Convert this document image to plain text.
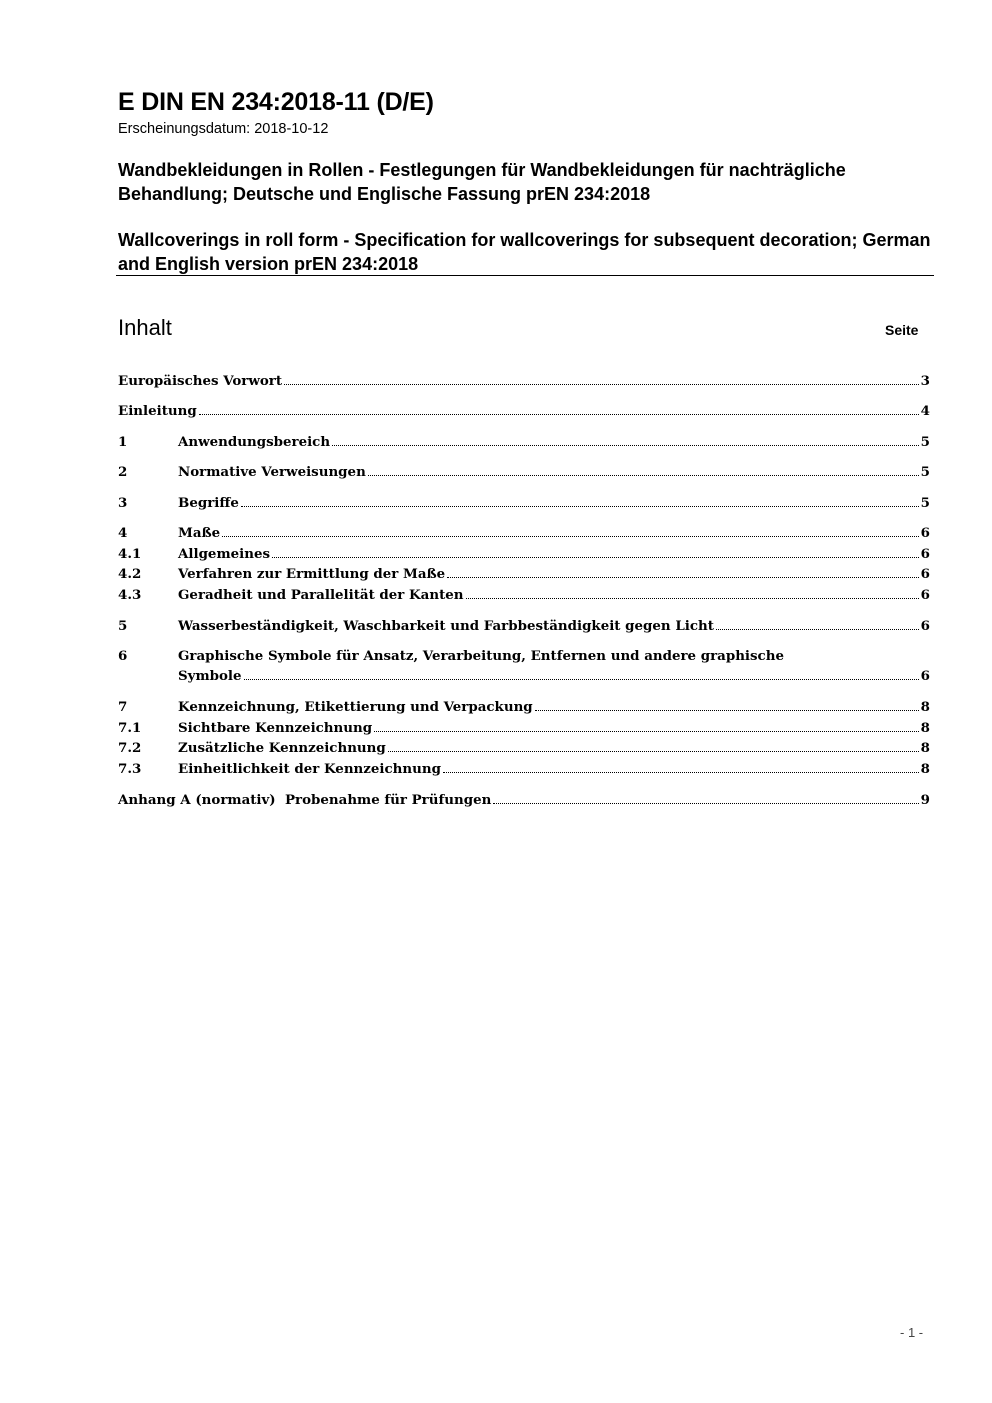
E DIN EN 234:2018-11 (D/E)
Erscheinungsdatum: 2018-10-12
Wandbekleidungen in Rollen - Festlegungen für Wandbekleidungen für nachträgliche Behandlung; Deutsche und Englische Fassung prEN 234:2018
Wallcoverings in roll form - Specification for wallcoverings for subsequent decoration; German and English version prEN 234:2018
Inhalt	Seite
Europäisches Vorwort	3
Einleitung	4
1	Anwendungsbereich	5
2	Normative Verweisungen	5
3	Begriffe	5
4	Maße	6
4.1	Allgemeines	6
4.2	Verfahren zur Ermittlung der Maße	6
4.3	Geradheit und Parallelität der Kanten	6
5	Wasserbeständigkeit, Waschbarkeit und Farbbeständigkeit gegen Licht	6
6	Graphische Symbole für Ansatz, Verarbeitung, Entfernen und andere graphische
Symbole	6
7	Kennzeichnung, Etikettierung und Verpackung	8
7.1	Sichtbare Kennzeichnung	8
7.2	Zusätzliche Kennzeichnung	8
7.3	Einheitlichkeit der Kennzeichnung	8
Anhang A (normativ)  Probenahme für Prüfungen	9
- 1 -
